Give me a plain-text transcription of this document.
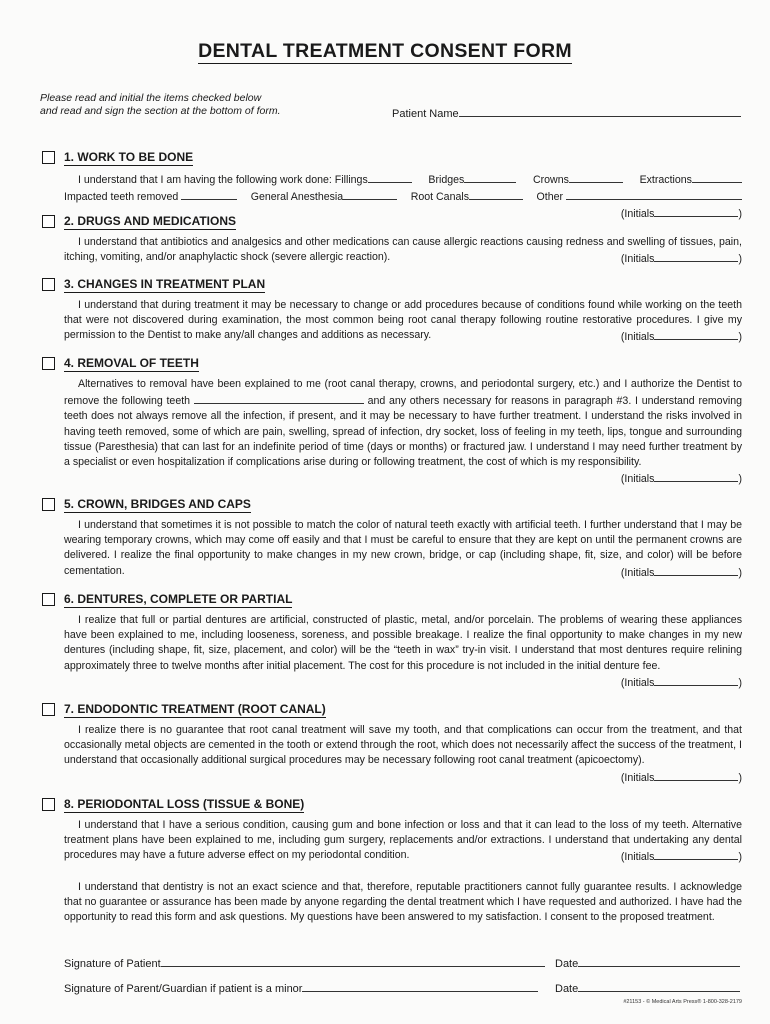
DENTAL TREATMENT CONSENT FORM
Please read and initial the items checked below
and read and sign the section at the bottom of form.	Patient Name
1. WORK TO BE DONE
I understand that I am having the following work done: Fillings	Bridges	Crowns	Extractions
Impacted teeth removed	General Anesthesia	Root Canals	Other
(Initials	)
2. DRUGS AND MEDICATIONS
I understand that antibiotics and analgesics and other medications can cause allergic reactions causing redness and swelling of tissues, pain, itching, vomiting, and/or anaphylactic shock (severe allergic reaction).	(Initials	)
3. CHANGES IN TREATMENT PLAN
I understand that during treatment it may be necessary to change or add procedures because of conditions found while working on the teeth that were not discovered during examination, the most common being root canal therapy following routine restorative procedures. I give my permission to the Dentist to make any/all changes and additions as necessary.	(Initials	)
4. REMOVAL OF TEETH
Alternatives to removal have been explained to me (root canal therapy, crowns, and periodontal surgery, etc.) and I authorize the Dentist to remove the following teeth	and any others necessary for reasons in paragraph #3. I understand removing teeth does not always remove all the infection, if present, and it may be necessary to have further treatment. I understand the risks involved in having teeth removed, some of which are pain, swelling, spread of infection, dry socket, loss of feeling in my teeth, lips, tongue and surrounding tissue (Paresthesia) that can last for an indefinite period of time (days or months) or fractured jaw. I understand I may need further treatment by a specialist or even hospitalization if complications arise during or following treatment, the cost of which is my responsibility.
(Initials	)
5. CROWN, BRIDGES AND CAPS
I understand that sometimes it is not possible to match the color of natural teeth exactly with artificial teeth. I further understand that I may be wearing temporary crowns, which may come off easily and that I must be careful to ensure that they are kept on until the permanent crowns are delivered. I realize the final opportunity to make changes in my new crown, bridge, or cap (including shape, fit, size, and color) will be before cementation.	(Initials	)
6. DENTURES, COMPLETE OR PARTIAL
I realize that full or partial dentures are artificial, constructed of plastic, metal, and/or porcelain. The problems of wearing these appliances have been explained to me, including looseness, soreness, and possible breakage. I realize the final opportunity to make changes in my new dentures (including shape, fit, size, placement, and color) will be the “teeth in wax” try-in visit. I understand that most dentures require relining approximately three to twelve months after initial placement. The cost for this procedure is not included in the initial denture fee.
(Initials	)
7. ENDODONTIC TREATMENT (ROOT CANAL)
I realize there is no guarantee that root canal treatment will save my tooth, and that complications can occur from the treatment, and that occasionally metal objects are cemented in the tooth or extend through the root, which does not necessarily affect the success of the treatment, I understand that occasionally additional surgical procedures may be necessary following root canal treatment (apicoectomy).
(Initials	)
8. PERIODONTAL LOSS (TISSUE & BONE)
I understand that I have a serious condition, causing gum and bone infection or loss and that it can lead to the loss of my teeth. Alternative treatment plans have been explained to me, including gum surgery, replacements and/or extractions. I understand that undertaking any dental procedures may have a future adverse effect on my periodontal condition.	(Initials	)
I understand that dentistry is not an exact science and that, therefore, reputable practitioners cannot fully guarantee results. I acknowledge that no guarantee or assurance has been made by anyone regarding the dental treatment which I have requested and authorized. I have had the opportunity to read this form and ask questions. My questions have been answered to my satisfaction. I consent to the proposed treatment.
Signature of Patient	Date
Signature of Parent/Guardian if patient is a minor	Date
#21153 - © Medical Arts Press® 1-800-328-2179
